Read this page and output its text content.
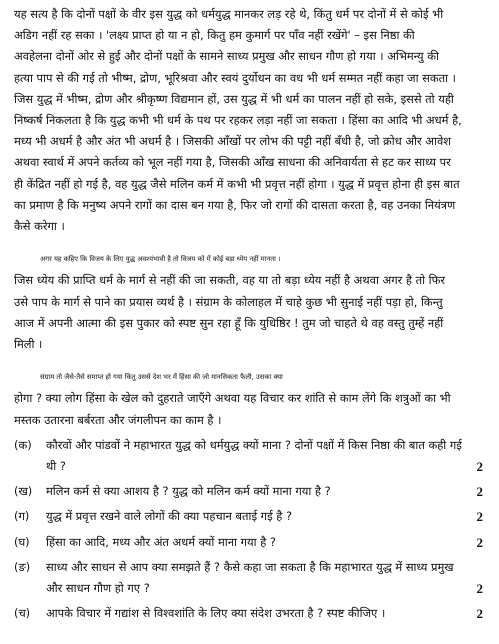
यह सत्य है कि दोनों पक्षों के वीर इस युद्ध को धर्मयुद्ध मानकर लड़ रहे थे, किंतु धर्म पर दोनों में से कोई भी
अडिग नहीं रह सका । 'लक्ष्य प्राप्त हो या न हो, कितु हम कुमार्ग पर पाँव नहीं रखेंगे' – इस निष्ठा की
अवहेलना दोनों ओर से हुई और दोनों पक्षों के सामने साध्य प्रमुख और साधन गौण हो गया । अभिमन्यु की
हत्या पाप से की गई तो भीष्म, द्रोण, भूरिश्रवा और स्वयं दुर्योधन का वध भी धर्म सम्मत नहीं कहा जा सकता ।
जिस युद्ध में भीष्म, द्रोण और श्रीकृष्ण विद्यमान हों, उस युद्ध में भी धर्म का पालन नहीं हो सके, इससे तो यही
निष्कर्ष निकलता है कि युद्ध कभी भी धर्म के पथ पर रहकर लड़ा नहीं जा सकता । हिंसा का आदि भी अधर्म है,
मध्य भी अधर्म है और अंत भी अधर्म है । जिसकी आँखों पर लोभ की पट्टी नहीं बँधी है, जो क्रोध और आवेश
अथवा स्वार्थ में अपने कर्तव्य को भूल नहीं गया है, जिसकी आँख साधना की अनिवार्यता से हट कर साध्य पर
ही केंद्रित नहीं हो गई है, वह युद्ध जैसे मलिन कर्म में कभी भी प्रवृत्त नहीं होगा । युद्ध में प्रवृत्त होना ही इस बात
का प्रमाण है कि मनुष्य अपने रागों का दास बन गया है, फिर जो रागों की दासता करता है, वह उनका नियंत्रण
कैसे करेगा ।
अगर यह कहिए कि विजय के लिए युद्ध अवश्यंभावी है तो विजय को में कोई बड़ा ध्येय नहीं मानता ।
जिस ध्येय की प्राप्ति धर्म के मार्ग से नहीं की जा सकती, वह या तो बड़ा ध्येय नहीं है अथवा अगर है तो फिर
उसे पाप के मार्ग से पाने का प्रयास व्यर्थ है । संग्राम के कोलाहल में चाहे कुछ भी सुनाई नहीं पड़ा हो, किन्तु
आज में अपनी आत्मा की इस पुकार को स्पष्ट सुन रहा हूँ कि युधिष्ठिर ! तुम जो चाहते थे वह वस्तु तुम्हें नहीं
मिली ।
संग्राम तो जैसे-तैसे समाप्त हो गया किंतु उससे देश भर में हिंसा की जो मानसिकता फैली, उसका क्या
होगा ? क्या लोग हिंसा के खेल को दुहराते जाएँगे अथवा यह विचार कर शांति से काम लेंगे कि शत्रुओं का भी
मस्तक उतारना बर्बरता और जंगलीपन का काम है ।
(क)	कौरवों और पांडवों ने महाभारत युद्ध को धर्मयुद्ध क्यों माना ? दोनों पक्षों में किस निष्ठा की बात कही गई
थी ?	2
(ख)	मलिन कर्म से क्या आशय है ? युद्ध को मलिन कर्म क्यों माना गया है ?	2
(ग)	युद्ध में प्रवृत्त रखने वाले लोगों की क्या पहचान बताई गई है ?	2
(घ)	हिंसा का आदि, मध्य और अंत अधर्म क्यों माना गया है ?	2
(ङ)	साध्य और साधन से आप क्या समझते हैं ? कैसे कहा जा सकता है कि महाभारत युद्ध में साध्य प्रमुख
और साधन गौण हो गए ?	2
(च)	आपके विचार में गद्यांश से विश्वशांति के लिए क्या संदेश उभरता है ? स्पष्ट कीजिए ।	2
